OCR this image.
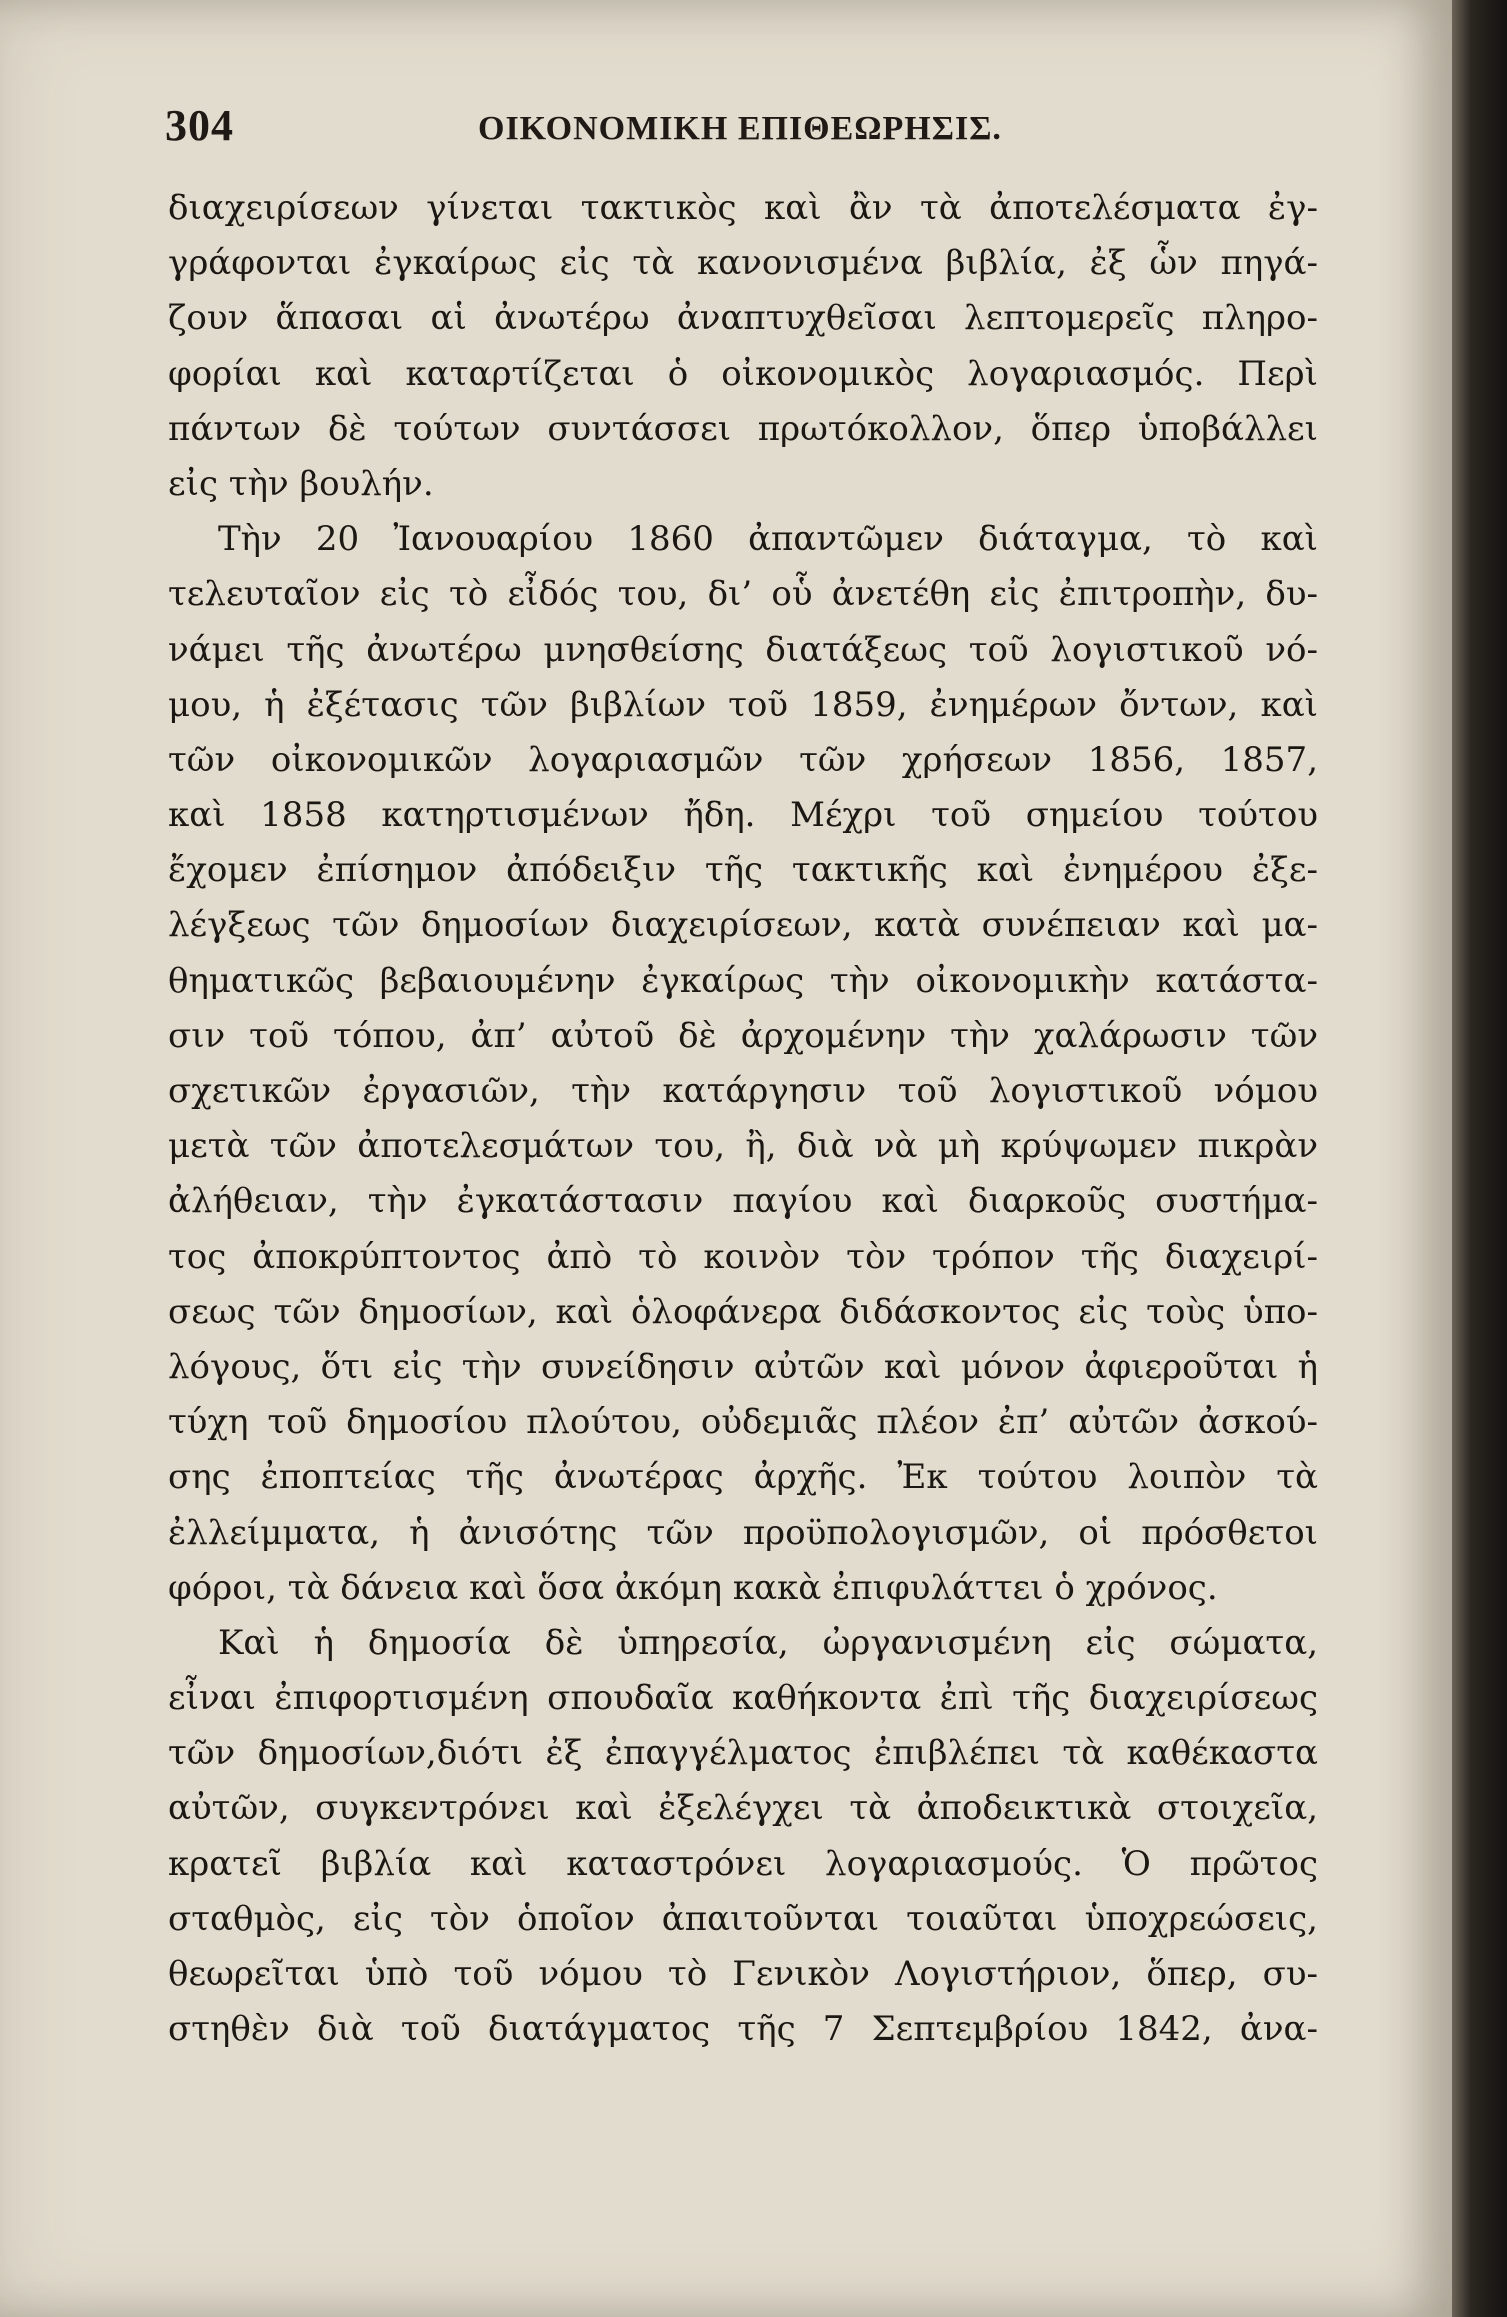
304	ΟΙΚΟΝΟΜΙΚΗ ΕΠΙΘΕΩΡΗΣΙΣ.
διαχειρίσεων γίνεται τακτικὸς καὶ ἂν τὰ ἀποτελέσματα ἐγ-
γράφονται ἐγκαίρως εἰς τὰ κανονισμένα βιβλία, ἐξ ὧν πηγά-
ζουν ἅπασαι αἱ ἀνωτέρω ἀναπτυχθεῖσαι λεπτομερεῖς πληρο-
φορίαι καὶ καταρτίζεται ὁ οἰκονομικὸς λογαριασμός. Περὶ
πάντων δὲ τούτων συντάσσει πρωτόκολλον, ὅπερ ὑποβάλλει
εἰς τὴν βουλήν.
Τὴν 20 Ἰανουαρίου 1860 ἀπαντῶμεν διάταγμα, τὸ καὶ
τελευταῖον εἰς τὸ εἶδός του, δι’ οὗ ἀνετέθη εἰς ἐπιτροπὴν, δυ-
νάμει τῆς ἀνωτέρω μνησθείσης διατάξεως τοῦ λογιστικοῦ νό-
μου, ἡ ἐξέτασις τῶν βιβλίων τοῦ 1859, ἐνημέρων ὄντων, καὶ
τῶν οἰκονομικῶν λογαριασμῶν τῶν χρήσεων 1856, 1857,
καὶ 1858 κατηρτισμένων ἤδη. Μέχρι τοῦ σημείου τούτου
ἔχομεν ἐπίσημον ἀπόδειξιν τῆς τακτικῆς καὶ ἐνημέρου ἐξε-
λέγξεως τῶν δημοσίων διαχειρίσεων, κατὰ συνέπειαν καὶ μα-
θηματικῶς βεβαιουμένην ἐγκαίρως τὴν οἰκονομικὴν κατάστα-
σιν τοῦ τόπου, ἀπ’ αὐτοῦ δὲ ἀρχομένην τὴν χαλάρωσιν τῶν
σχετικῶν ἐργασιῶν, τὴν κατάργησιν τοῦ λογιστικοῦ νόμου
μετὰ τῶν ἀποτελεσμάτων του, ἢ, διὰ νὰ μὴ κρύψωμεν πικρὰν
ἀλήθειαν, τὴν ἐγκατάστασιν παγίου καὶ διαρκοῦς συστήμα-
τος ἀποκρύπτοντος ἀπὸ τὸ κοινὸν τὸν τρόπον τῆς διαχειρί-
σεως τῶν δημοσίων, καὶ ὁλοφάνερα διδάσκοντος εἰς τοὺς ὑπο-
λόγους, ὅτι εἰς τὴν συνείδησιν αὐτῶν καὶ μόνον ἀφιεροῦται ἡ
τύχη τοῦ δημοσίου πλούτου, οὐδεμιᾶς πλέον ἐπ’ αὐτῶν ἀσκού-
σης ἐποπτείας τῆς ἀνωτέρας ἀρχῆς. Ἐκ τούτου λοιπὸν τὰ
ἐλλείμματα, ἡ ἀνισότης τῶν προϋπολογισμῶν, οἱ πρόσθετοι
φόροι, τὰ δάνεια καὶ ὅσα ἀκόμη κακὰ ἐπιφυλάττει ὁ χρόνος.
Καὶ ἡ δημοσία δὲ ὑπηρεσία, ὠργανισμένη εἰς σώματα,
εἶναι ἐπιφορτισμένη σπουδαῖα καθήκοντα ἐπὶ τῆς διαχειρίσεως
τῶν δημοσίων,διότι ἐξ ἐπαγγέλματος ἐπιβλέπει τὰ καθέκαστα
αὐτῶν, συγκεντρόνει καὶ ἐξελέγχει τὰ ἀποδεικτικὰ στοιχεῖα,
κρατεῖ βιβλία καὶ καταστρόνει λογαριασμούς. Ὁ πρῶτος
σταθμὸς, εἰς τὸν ὁποῖον ἀπαιτοῦνται τοιαῦται ὑποχρεώσεις,
θεωρεῖται ὑπὸ τοῦ νόμου τὸ Γενικὸν Λογιστήριον, ὅπερ, συ-
στηθὲν διὰ τοῦ διατάγματος τῆς 7 Σεπτεμβρίου 1842, ἀνα-
